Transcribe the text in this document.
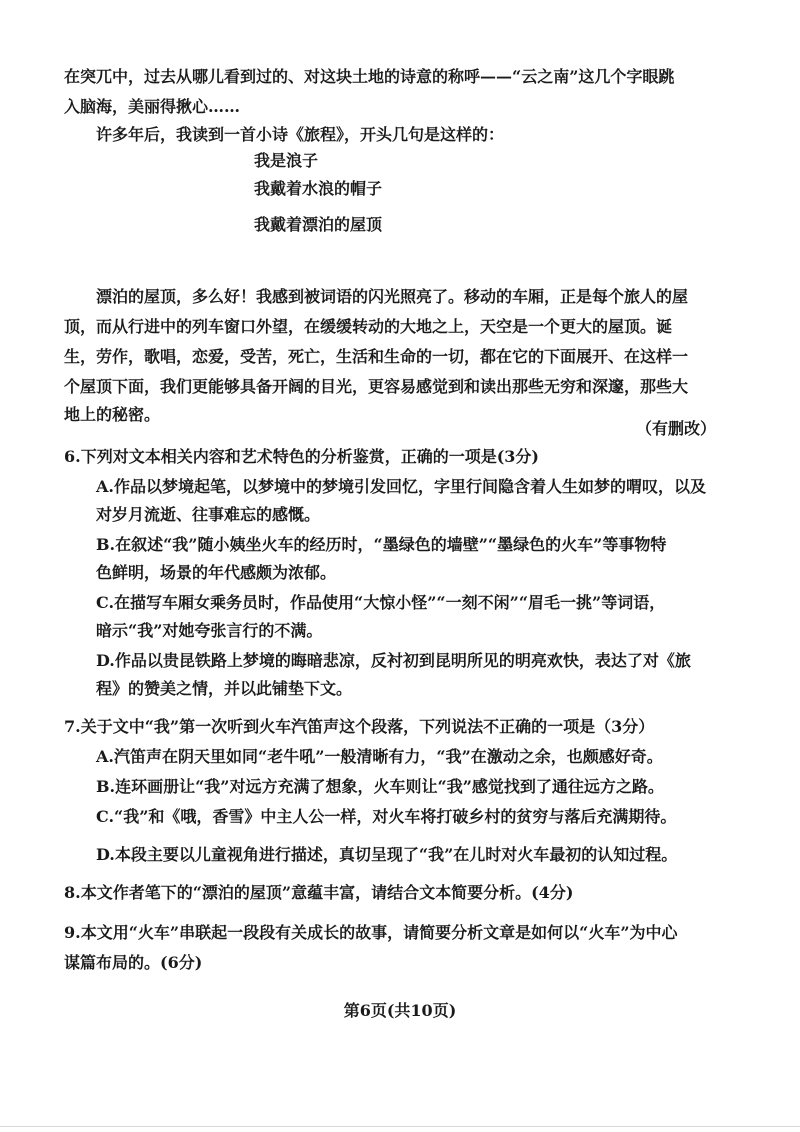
在突兀中，过去从哪儿看到过的、对这块土地的诗意的称呼——“云之南”这几个字眼跳
入脑海，美丽得揪心……
许多年后，我读到一首小诗《旅程》，开头几句是这样的：
我是浪子
我戴着水浪的帽子
我戴着漂泊的屋顶
漂泊的屋顶，多么好！我感到被词语的闪光照亮了。移动的车厢，正是每个旅人的屋
顶，而从行进中的列车窗口外望，在缓缓转动的大地之上，天空是一个更大的屋顶。诞
生，劳作，歌唱，恋爱，受苦，死亡，生活和生命的一切，都在它的下面展开、在这样一
个屋顶下面，我们更能够具备开阔的目光，更容易感觉到和读出那些无穷和深邃，那些大
地上的秘密。
（有删改）
6.下列对文本相关内容和艺术特色的分析鉴赏，正确的一项是(3分)
A.作品以梦境起笔，以梦境中的梦境引发回忆，字里行间隐含着人生如梦的喟叹，以及
对岁月流逝、往事难忘的感慨。
B.在叙述“我”随小姨坐火车的经历时，“墨绿色的墙壁”“墨绿色的火车”等事物特
色鲜明，场景的年代感颇为浓郁。
C.在描写车厢女乘务员时，作品使用“大惊小怪”“一刻不闲”“眉毛一挑”等词语，
暗示“我”对她夸张言行的不满。
D.作品以贵昆铁路上梦境的晦暗悲凉，反衬初到昆明所见的明亮欢快，表达了对《旅
程》的赞美之情，并以此铺垫下文。
7.关于文中“我”第一次听到火车汽笛声这个段落，下列说法不正确的一项是（3分）
A.汽笛声在阴天里如同“老牛吼”一般清晰有力，“我”在激动之余，也颇感好奇。
B.连环画册让“我”对远方充满了想象，火车则让“我”感觉找到了通往远方之路。
C.“我”和《哦，香雪》中主人公一样，对火车将打破乡村的贫穷与落后充满期待。
D.本段主要以儿童视角进行描述，真切呈现了“我”在儿时对火车最初的认知过程。
8.本文作者笔下的“漂泊的屋顶”意蕴丰富，请结合文本简要分析。(4分)
9.本文用“火车”串联起一段段有关成长的故事，请简要分析文章是如何以“火车”为中心
谋篇布局的。(6分)
第6页(共10页)
